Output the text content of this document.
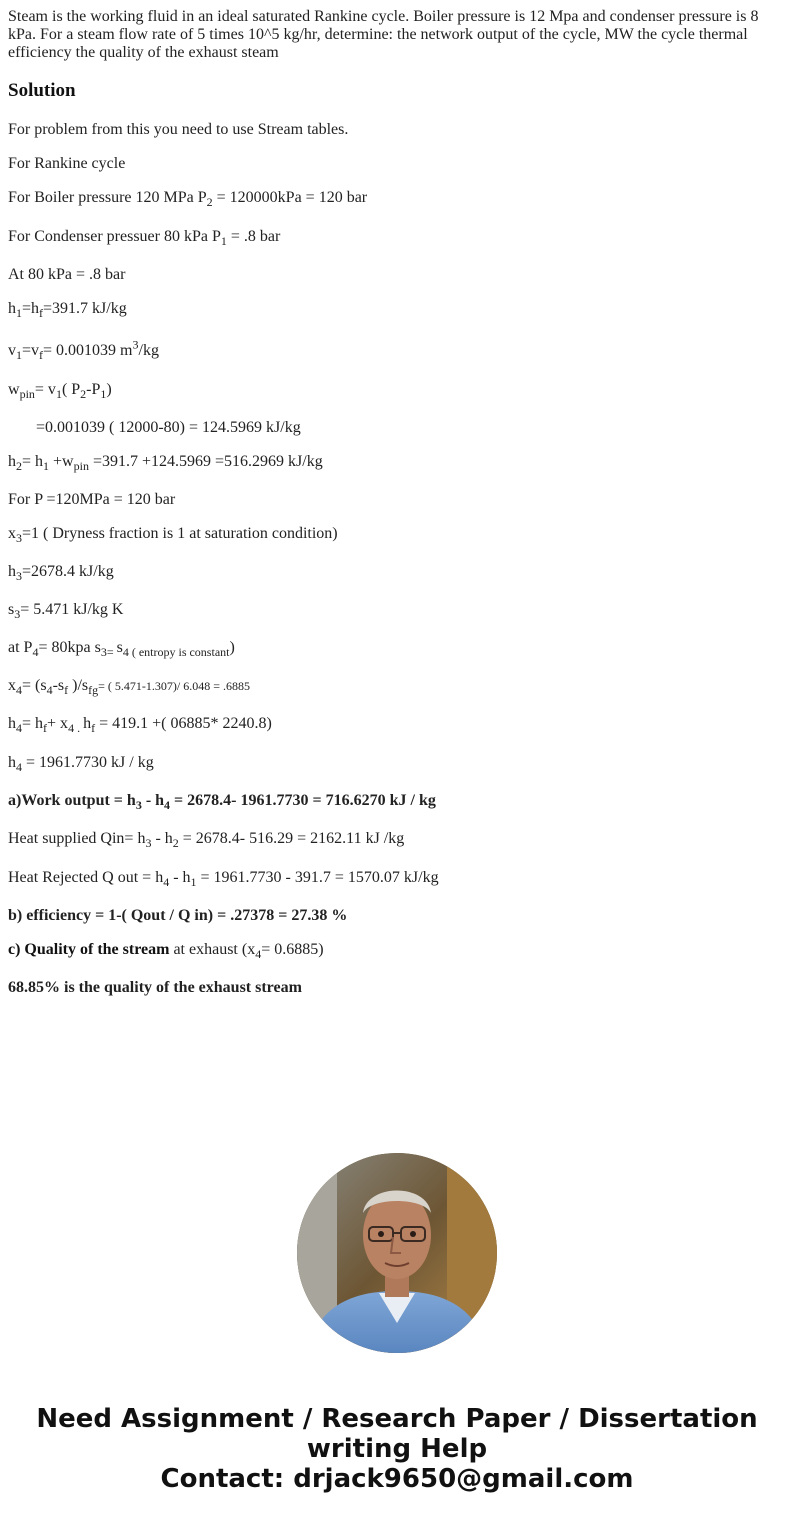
Steam is the working fluid in an ideal saturated Rankine cycle. Boiler pressure is 12 Mpa and condenser pressure is 8 kPa. For a steam flow rate of 5 times 10^5 kg/hr, determine: the network output of the cycle, MW the cycle thermal efficiency the quality of the exhaust steam

Solution

For problem from this you need to use Stream tables.

For Rankine cycle

For Boiler pressure 120 MPa $P_2 = 120000kPa = 120$ bar

For Condenser pressuer 80 kPa $P_1 = .8$ bar

At 80 kPa = .8 bar

$h_1=h_f=391.7$ kJ/kg

$v_1=v_f= 0.001039$ $m^3/kg$

$w_{pin}= v_1$( $P_2-P_1$)

=0.001039 ( 12000-80) = 124.5969 kJ/kg

$h_2= h_1 +w_{pin} =391.7 +124.5969 =516.2969$ kJ/kg

For P =120MPa = 120 bar

$x_3=1$ ( Dryness fraction is 1 at saturation condition)

$h_3=2678.4$ kJ/kg

$s_3= 5.471$ kJ/kg K

at $P_4= 80kpa$ $s_{3=}$ $s_{4 ( entropy is constant}$)

$x_4= (s_4-s_f$ )$/s_{fg}=$ ( 5.471-1.307)/ 6.048 = .6885

$h_4= h_f+ x_{4 .}$ $h_f = 419.1$ +( 06885* 2240.8)

$h_4 = 1961.7730$ kJ / kg

a)Work output = $h_3 - h_4 = 2678.4-$ 1961.7730 = 716.6270 kJ / kg

Heat supplied $Qin= h_3 - h_2 = 2678.4-$ 516.29 = 2162.11 kJ /kg

Heat Rejected Q out = $h_4 - h_1 = 1961.7730 - 391.7 = 1570.07$ kJ/kg

b) efficiency = 1-( Qout / Q in) = .27378 = 27.38 %

c) Quality of the stream at exhaust $(x_4= 0.6885)$

68.85% is the quality of the exhaust stream

Need Assignment / Research Paper / Dissertation
writing Help
Contact: drjack9650@gmail.com
